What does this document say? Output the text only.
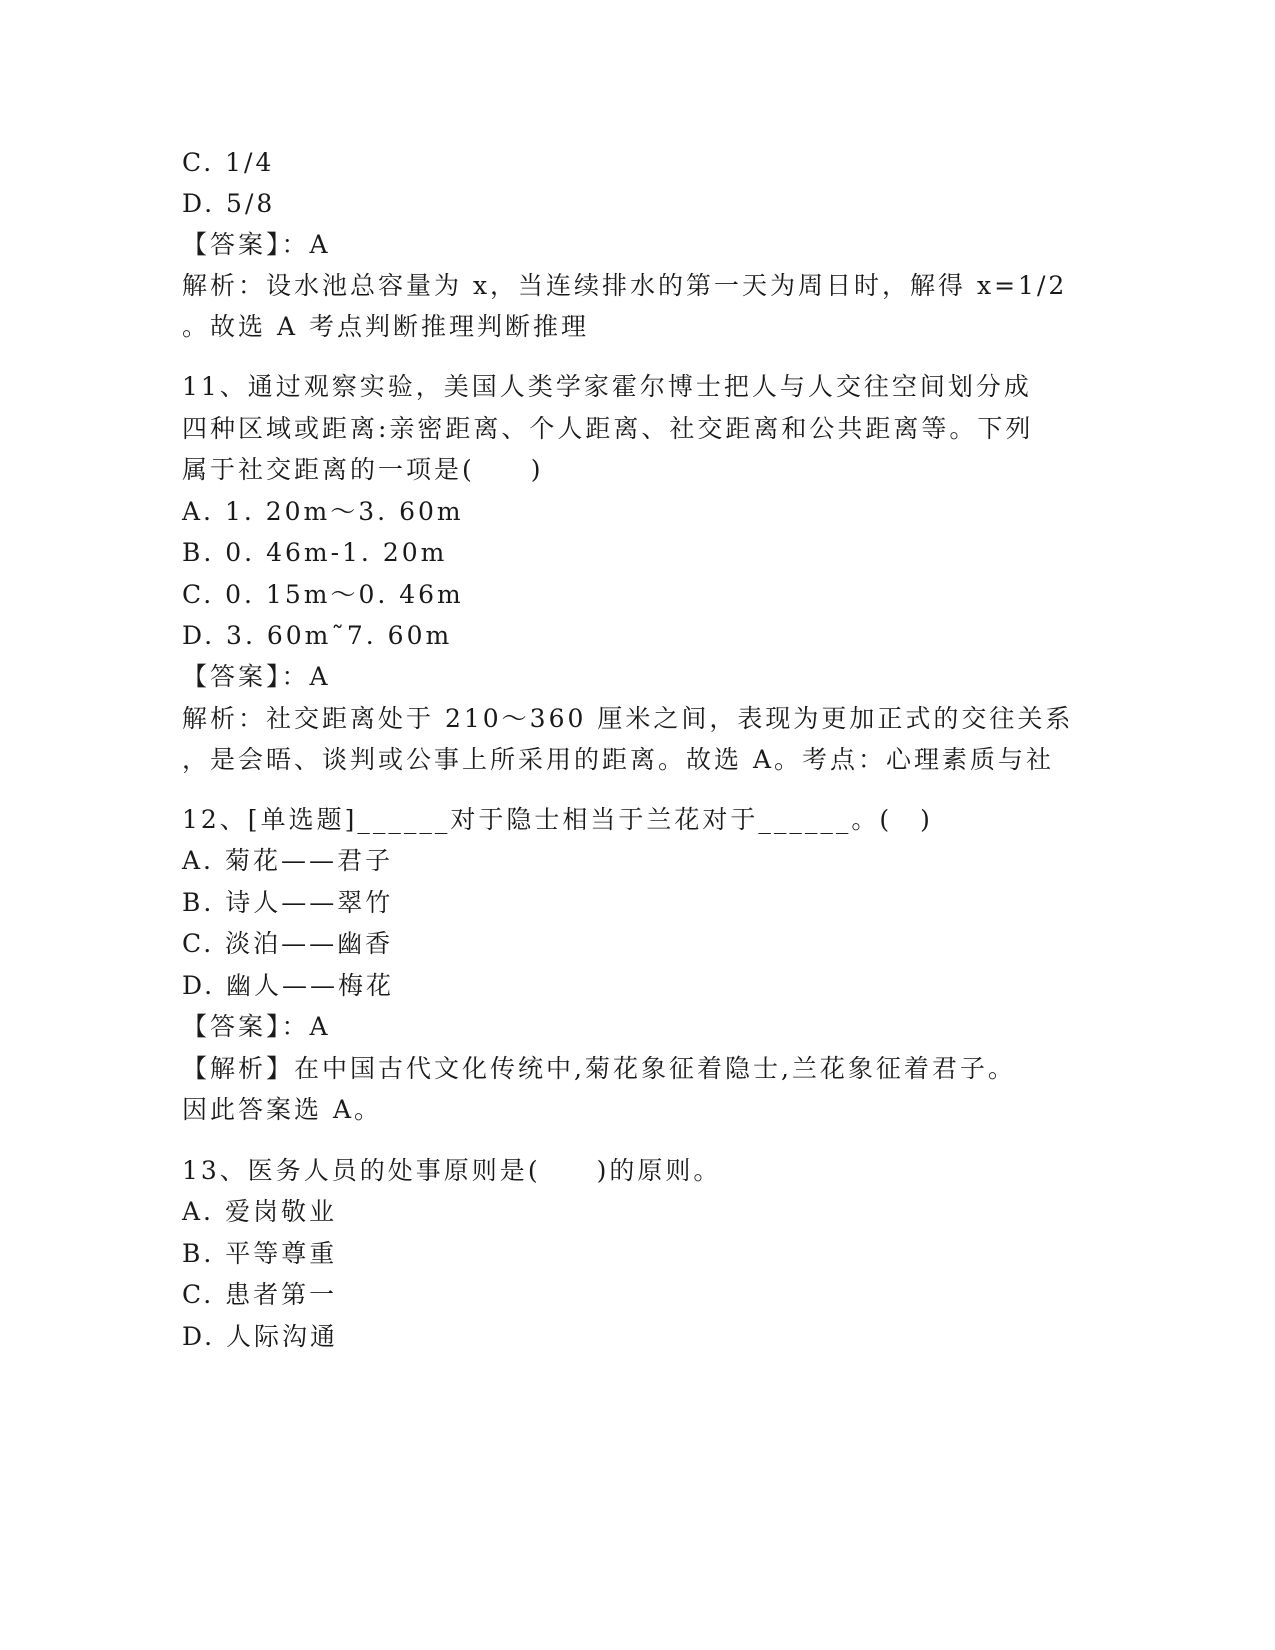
C. 1/4
D. 5/8
【答案】：A
解析：设水池总容量为 x，当连续排水的第一天为周日时，解得 x=1/2
。故选 A 考点判断推理判断推理
11、通过观察实验，美国人类学家霍尔博士把人与人交往空间划分成
四种区域或距离:亲密距离、个人距离、社交距离和公共距离等。下列
属于社交距离的一项是(　　)
A. 1. 20m～3. 60m
B. 0. 46m-1. 20m
C. 0. 15m～0. 46m
D. 3. 60m˜7. 60m
【答案】：A
解析：社交距离处于 210～360 厘米之间，表现为更加正式的交往关系
，是会晤、谈判或公事上所采用的距离。故选 A。考点：心理素质与社
12、[单选题]______对于隐士相当于兰花对于______。(　)
A. 菊花——君子
B. 诗人——翠竹
C. 淡泊——幽香
D. 幽人——梅花
【答案】：A
【解析】在中国古代文化传统中,菊花象征着隐士,兰花象征着君子。
因此答案选 A。
13、医务人员的处事原则是(　　)的原则。
A. 爱岗敬业
B. 平等尊重
C. 患者第一
D. 人际沟通
